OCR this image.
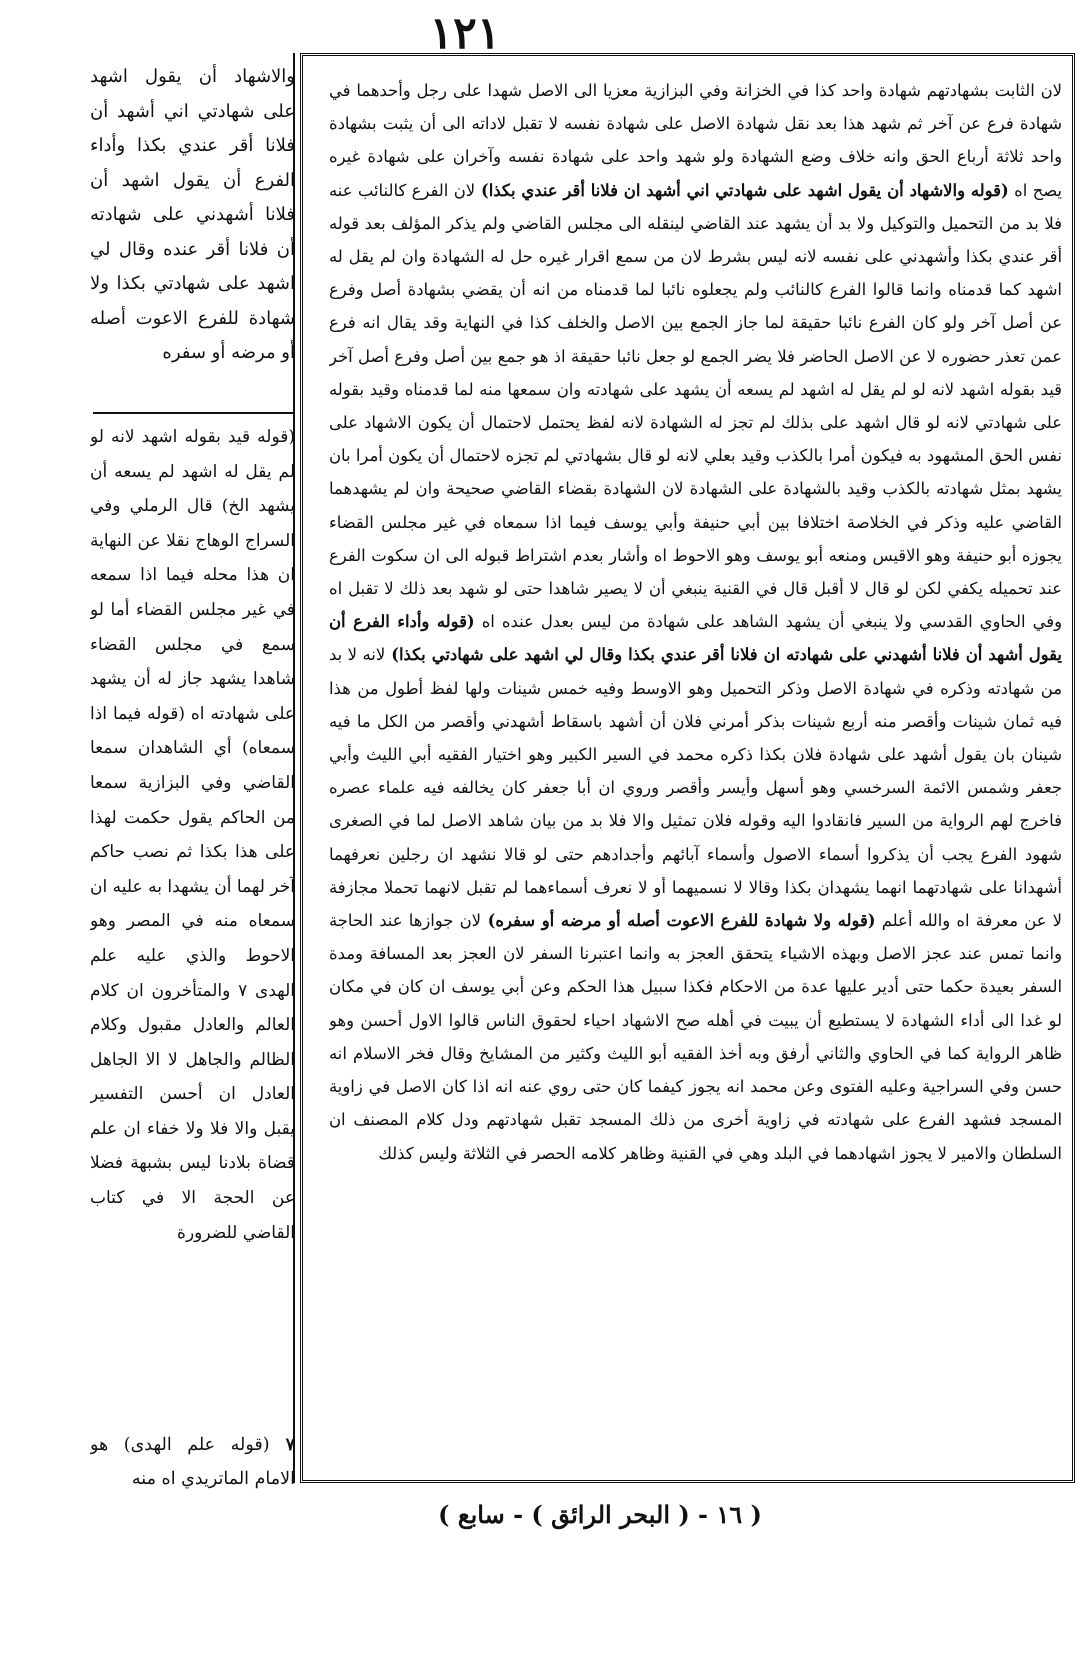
١٢١
والاشهاد أن يقول اشهد على شهادتي اني أشهد أن فلانا أقر عندي بكذا وأداء الفرع أن يقول اشهد أن فلانا أشهدني على شهادته أن فلانا أقر عنده وقال لي اشهد على شهادتي بكذا ولا شهادة للفرع الاعوت أصله أو مرضه أو سفره
(قوله قيد بقوله اشهد لانه لو لم يقل له اشهد لم يسعه أن يشهد الخ) قال الرملي وفي السراج الوهاج نقلا عن النهاية ان هذا محله فيما اذا سمعه في غير مجلس القضاء أما لو سمع في مجلس القضاء شاهدا يشهد جاز له أن يشهد على شهادته اه (قوله فيما اذا سمعاه) أي الشاهدان سمعا القاضي وفي البزازية سمعا من الحاكم يقول حكمت لهذا على هذا بكذا ثم نصب حاكم آخر لهما أن يشهدا به عليه ان سمعاه منه في المصر وهو الاحوط والذي عليه علم الهدى ٧ والمتأخرون ان كلام العالم والعادل مقبول وكلام الظالم والجاهل لا الا الجاهل العادل ان أحسن التفسير يقبل والا فلا ولا خفاء ان علم قضاة بلادنا ليس بشبهة فضلا عن الحجة الا في كتاب القاضي للضرورة
٧ (قوله علم الهدى) هو الامام الماتريدي اه منه
لان الثابت بشهادتهم شهادة واحد كذا في الخزانة وفي البزازية معزيا الى الاصل شهدا على رجل وأحدهما في شهادة فرع عن آخر ثم شهد هذا بعد نقل شهادة الاصل على شهادة نفسه لا تقبل لاداته الى أن يثبت بشهادة واحد ثلاثة أرباع الحق وانه خلاف وضع الشهادة ولو شهد واحد على شهادة نفسه وآخران على شهادة غيره يصح اه (قوله والاشهاد أن يقول اشهد على شهادتي اني أشهد ان فلانا أقر عندي بكذا) لان الفرع كالنائب عنه فلا بد من التحميل والتوكيل ولا بد أن يشهد عند القاضي لينقله الى مجلس القاضي ولم يذكر المؤلف بعد قوله أقر عندي بكذا وأشهدني على نفسه لانه ليس بشرط لان من سمع اقرار غيره حل له الشهادة وان لم يقل له اشهد كما قدمناه وانما قالوا الفرع كالنائب ولم يجعلوه نائبا لما قدمناه من انه أن يقضي بشهادة أصل وفرع عن أصل آخر ولو كان الفرع نائبا حقيقة لما جاز الجمع بين الاصل والخلف كذا في النهاية وقد يقال انه فرع عمن تعذر حضوره لا عن الاصل الحاضر فلا يضر الجمع لو جعل نائبا حقيقة اذ هو جمع بين أصل وفرع أصل آخر قيد بقوله اشهد لانه لو لم يقل له اشهد لم يسعه أن يشهد على شهادته وان سمعها منه لما قدمناه وقيد بقوله على شهادتي لانه لو قال اشهد على بذلك لم تجز له الشهادة لانه لفظ يحتمل لاحتمال أن يكون الاشهاد على نفس الحق المشهود به فيكون أمرا بالكذب وقيد بعلي لانه لو قال بشهادتي لم تجزه لاحتمال أن يكون أمرا بان يشهد بمثل شهادته بالكذب وقيد بالشهادة على الشهادة لان الشهادة بقضاء القاضي صحيحة وان لم يشهدهما القاضي عليه وذكر في الخلاصة اختلافا بين أبي حنيفة وأبي يوسف فيما اذا سمعاه في غير مجلس القضاء يجوزه أبو حنيفة وهو الاقيس ومنعه أبو يوسف وهو الاحوط اه وأشار بعدم اشتراط قبوله الى ان سكوت الفرع عند تحميله يكفي لكن لو قال لا أقبل قال في القنية ينبغي أن لا يصير شاهدا حتى لو شهد بعد ذلك لا تقبل اه وفي الحاوي القدسي ولا ينبغي أن يشهد الشاهد على شهادة من ليس بعدل عنده اه (قوله وأداء الفرع أن يقول أشهد أن فلانا أشهدني على شهادته ان فلانا أقر عندي بكذا وقال لي اشهد على شهادتي بكذا) لانه لا بد من شهادته وذكره في شهادة الاصل وذكر التحميل وهو الاوسط وفيه خمس شينات ولها لفظ أطول من هذا فيه ثمان شينات وأقصر منه أربع شينات بذكر أمرني فلان أن أشهد باسقاط أشهدني وأقصر من الكل ما فيه شينان بان يقول أشهد على شهادة فلان بكذا ذكره محمد في السير الكبير وهو اختيار الفقيه أبي الليث وأبي جعفر وشمس الائمة السرخسي وهو أسهل وأيسر وأقصر وروي ان أبا جعفر كان يخالفه فيه علماء عصره فاخرج لهم الرواية من السير فانقادوا اليه وقوله فلان تمثيل والا فلا بد من بيان شاهد الاصل لما في الصغرى شهود الفرع يجب أن يذكروا أسماء الاصول وأسماء آبائهم وأجدادهم حتى لو قالا نشهد ان رجلين نعرفهما أشهدانا على شهادتهما انهما يشهدان بكذا وقالا لا نسميهما أو لا نعرف أسماءهما لم تقبل لانهما تحملا مجازفة لا عن معرفة اه والله أعلم (قوله ولا شهادة للفرع الاعوت أصله أو مرضه أو سفره) لان جوازها عند الحاجة وانما تمس عند عجز الاصل وبهذه الاشياء يتحقق العجز به وانما اعتبرنا السفر لان العجز بعد المسافة ومدة السفر بعيدة حكما حتى أدير عليها عدة من الاحكام فكذا سبيل هذا الحكم وعن أبي يوسف ان كان في مكان لو غدا الى أداء الشهادة لا يستطيع أن يبيت في أهله صح الاشهاد احياء لحقوق الناس قالوا الاول أحسن وهو ظاهر الرواية كما في الحاوي والثاني أرفق وبه أخذ الفقيه أبو الليث وكثير من المشايخ وقال فخر الاسلام انه حسن وفي السراجية وعليه الفتوى وعن محمد انه يجوز كيفما كان حتى روي عنه انه اذا كان الاصل في زاوية المسجد فشهد الفرع على شهادته في زاوية أخرى من ذلك المسجد تقبل شهادتهم ودل كلام المصنف ان السلطان والامير لا يجوز اشهادهما في البلد وهي في القنية وظاهر كلامه الحصر في الثلاثة وليس كذلك
( ١٦ - ( البحر الرائق ) - سابع )
